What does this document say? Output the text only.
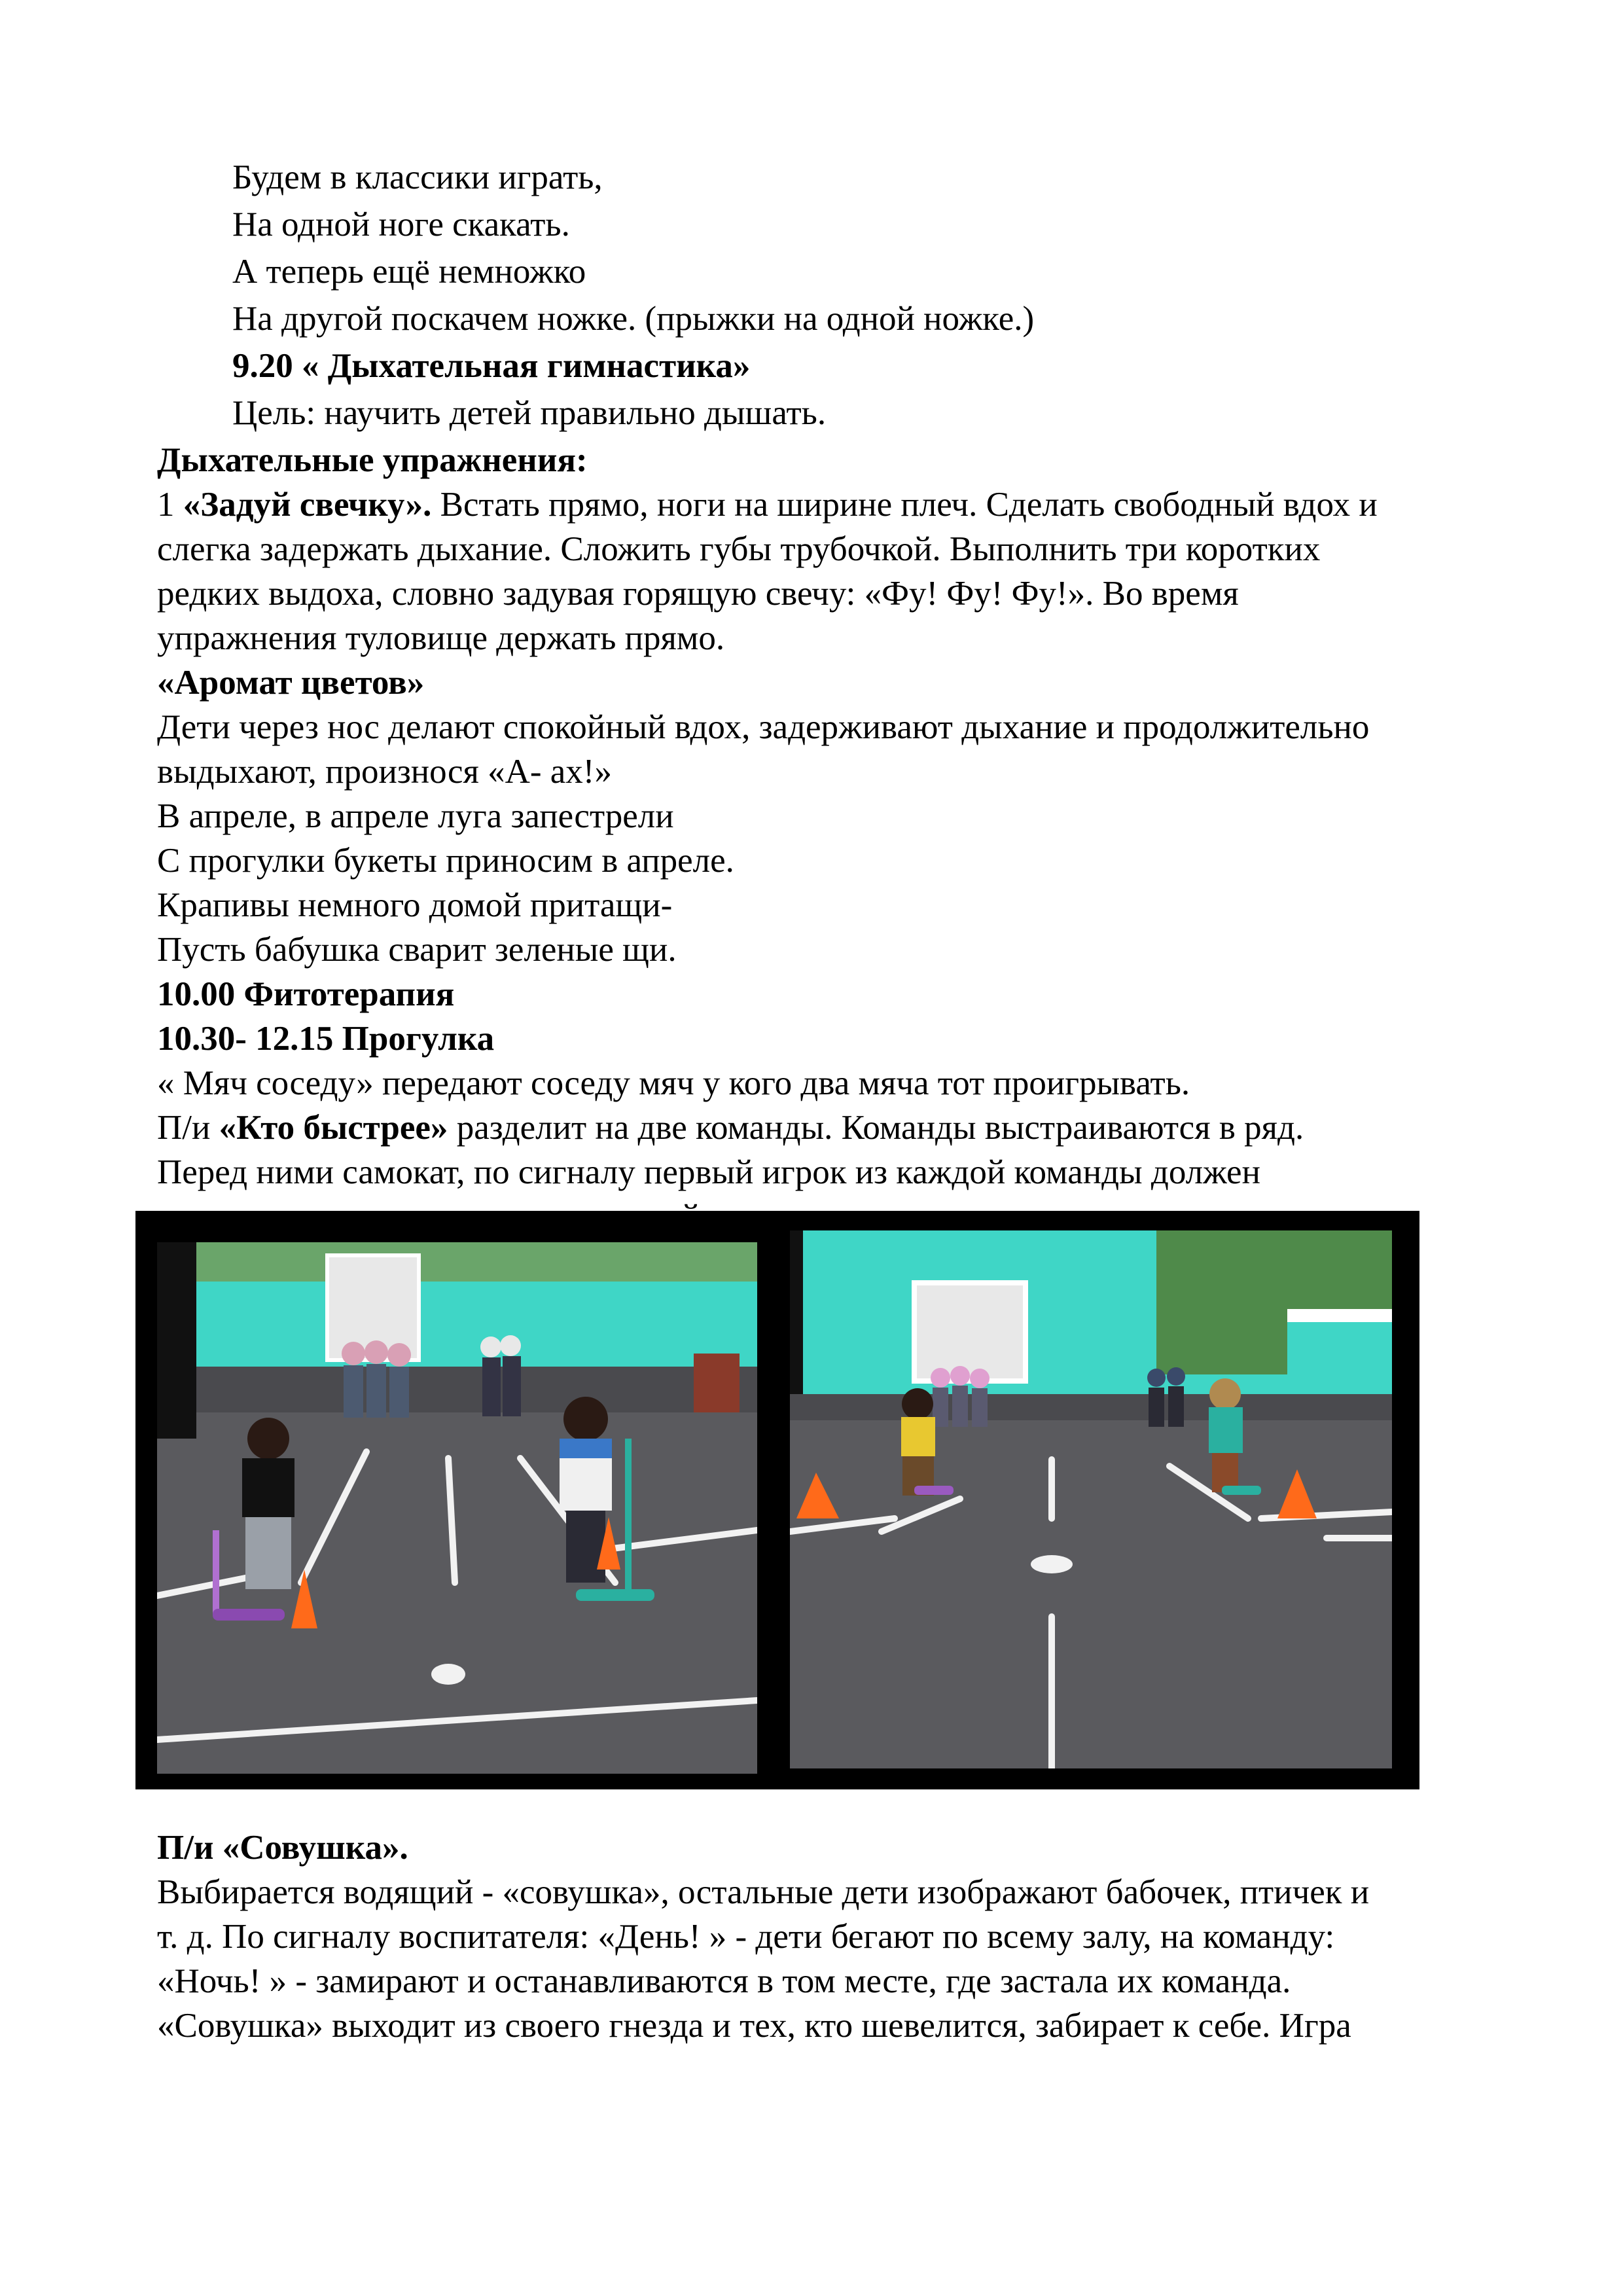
Будем в классики играть,
На одной ноге скакать.
А теперь ещё немножко
На другой поскачем ножке. (прыжки на одной ножке.)
9.20 « Дыхательная гимнастика»
Цель: научить детей правильно дышать.
Дыхательные упражнения:
1 «Задуй свечку». Встать прямо, ноги на ширине плеч. Сделать свободный вдох и
слегка задержать дыхание. Сложить губы трубочкой. Выполнить три коротких
редких выдоха, словно задувая горящую свечу: «Фу! Фу! Фу!». Во время
упражнения туловище держать прямо.
«Аромат цветов»
Дети через нос делают спокойный вдох, задерживают дыхание и продолжительно
выдыхают, произнося «А- ах!»
В апреле, в апреле луга запестрели
С прогулки букеты приносим в апреле.
Крапивы немного домой притащи-
Пусть бабушка сварит зеленые щи.
10.00 Фитотерапия
10.30- 12.15 Прогулка
« Мяч соседу» передают соседу мяч у кого два мяча тот проигрывать.
П/и «Кто быстрее» разделит на две команды. Команды выстраиваются в ряд.
Перед ними самокат, по сигналу первый игрок из каждой команды должен
П/и «Совушка».
Выбирается водящий - «совушка», остальные дети изображают бабочек, птичек и
т. д. По сигналу воспитателя: «День! » - дети бегают по всему залу, на команду:
«Ночь! » - замирают и останавливаются в том месте, где застала их команда.
«Совушка» выходит из своего гнезда и тех, кто шевелится, забирает к себе. Игра
